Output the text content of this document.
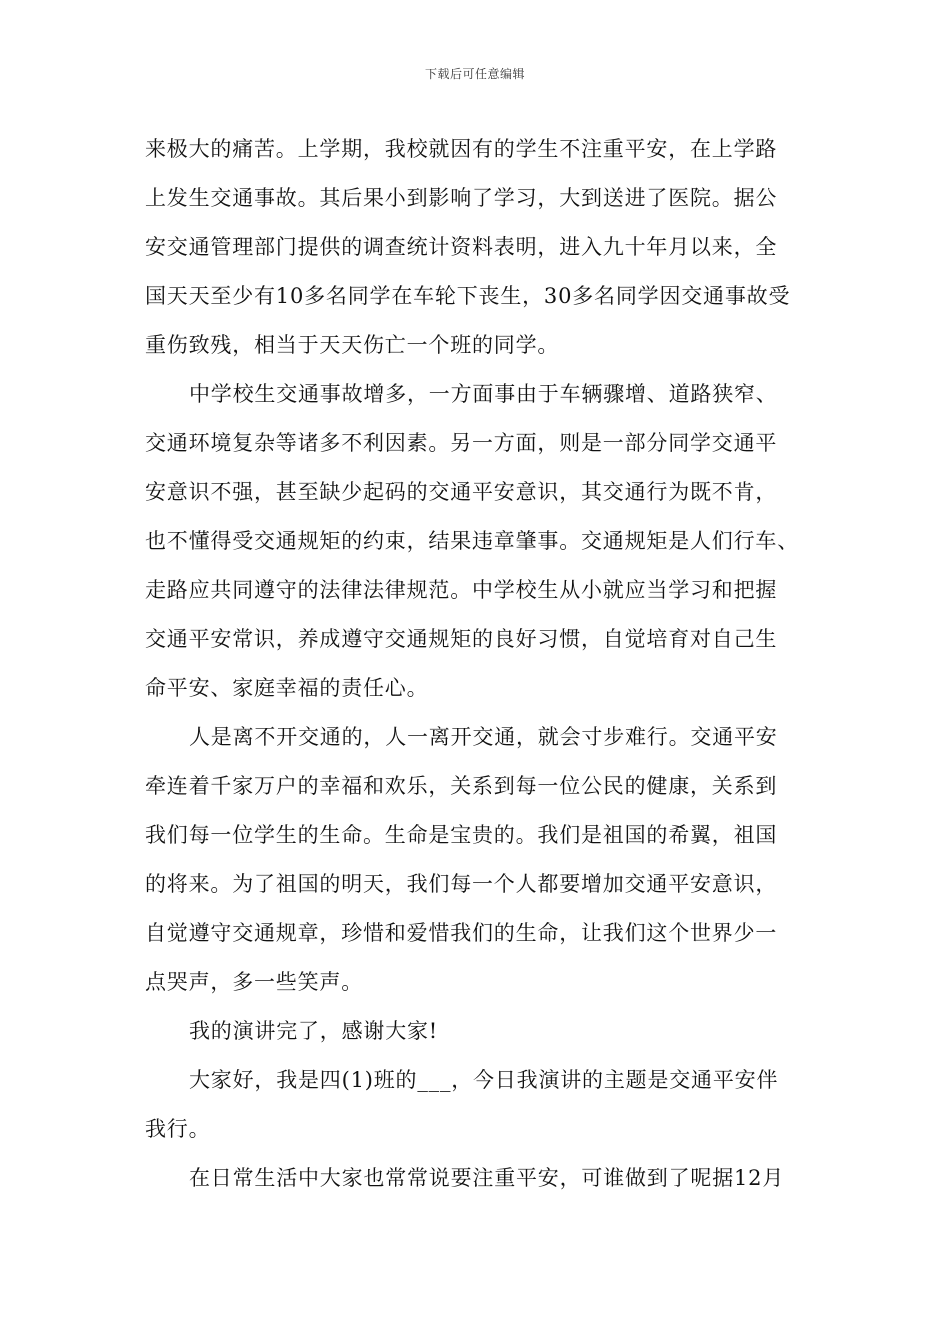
下载后可任意编辑

来极大的痛苦。上学期，我校就因有的学生不注重平安，在上学路
上发生交通事故。其后果小到影响了学习，大到送进了医院。据公
安交通管理部门提供的调查统计资料表明，进入九十年月以来，全
国天天至少有10多名同学在车轮下丧生，30多名同学因交通事故受
重伤致残，相当于天天伤亡一个班的同学。

中学校生交通事故增多，一方面事由于车辆骤增、道路狭窄、
交通环境复杂等诸多不利因素。另一方面，则是一部分同学交通平
安意识不强，甚至缺少起码的交通平安意识，其交通行为既不肯，
也不懂得受交通规矩的约束，结果违章肇事。交通规矩是人们行车、
走路应共同遵守的法律法律规范。中学校生从小就应当学习和把握
交通平安常识，养成遵守交通规矩的良好习惯，自觉培育对自己生
命平安、家庭幸福的责任心。

人是离不开交通的，人一离开交通，就会寸步难行。交通平安
牵连着千家万户的幸福和欢乐，关系到每一位公民的健康，关系到
我们每一位学生的生命。生命是宝贵的。我们是祖国的希翼，祖国
的将来。为了祖国的明天，我们每一个人都要增加交通平安意识，
自觉遵守交通规章，珍惜和爱惜我们的生命，让我们这个世界少一
点哭声，多一些笑声。

我的演讲完了，感谢大家!

大家好，我是四(1)班的___，今日我演讲的主题是交通平安伴
我行。

在日常生活中大家也常常说要注重平安，可谁做到了呢据12月
